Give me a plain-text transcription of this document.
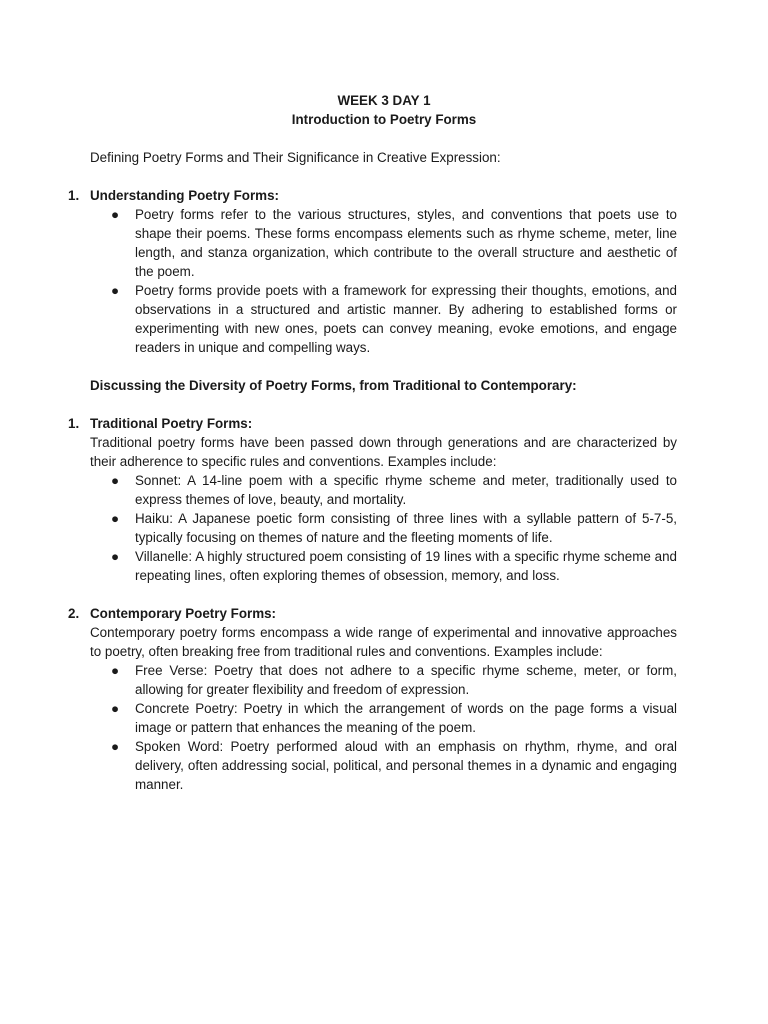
WEEK 3 DAY 1

Introduction to Poetry Forms

Defining Poetry Forms and Their Significance in Creative Expression:

1. Understanding Poetry Forms:

● Poetry forms refer to the various structures, styles, and conventions that poets use to shape their poems. These forms encompass elements such as rhyme scheme, meter, line length, and stanza organization, which contribute to the overall structure and aesthetic of the poem.
● Poetry forms provide poets with a framework for expressing their thoughts, emotions, and observations in a structured and artistic manner. By adhering to established forms or experimenting with new ones, poets can convey meaning, evoke emotions, and engage readers in unique and compelling ways.

Discussing the Diversity of Poetry Forms, from Traditional to Contemporary:

1. Traditional Poetry Forms:

Traditional poetry forms have been passed down through generations and are characterized by their adherence to specific rules and conventions. Examples include:

● Sonnet: A 14-line poem with a specific rhyme scheme and meter, traditionally used to express themes of love, beauty, and mortality.
● Haiku: A Japanese poetic form consisting of three lines with a syllable pattern of 5-7-5, typically focusing on themes of nature and the fleeting moments of life.
● Villanelle: A highly structured poem consisting of 19 lines with a specific rhyme scheme and repeating lines, often exploring themes of obsession, memory, and loss.
2. Contemporary Poetry Forms:

Contemporary poetry forms encompass a wide range of experimental and innovative approaches to poetry, often breaking free from traditional rules and conventions. Examples include:

● Free Verse: Poetry that does not adhere to a specific rhyme scheme, meter, or form, allowing for greater flexibility and freedom of expression.
● Concrete Poetry: Poetry in which the arrangement of words on the page forms a visual image or pattern that enhances the meaning of the poem.
● Spoken Word: Poetry performed aloud with an emphasis on rhythm, rhyme, and oral delivery, often addressing social, political, and personal themes in a dynamic and engaging manner.
